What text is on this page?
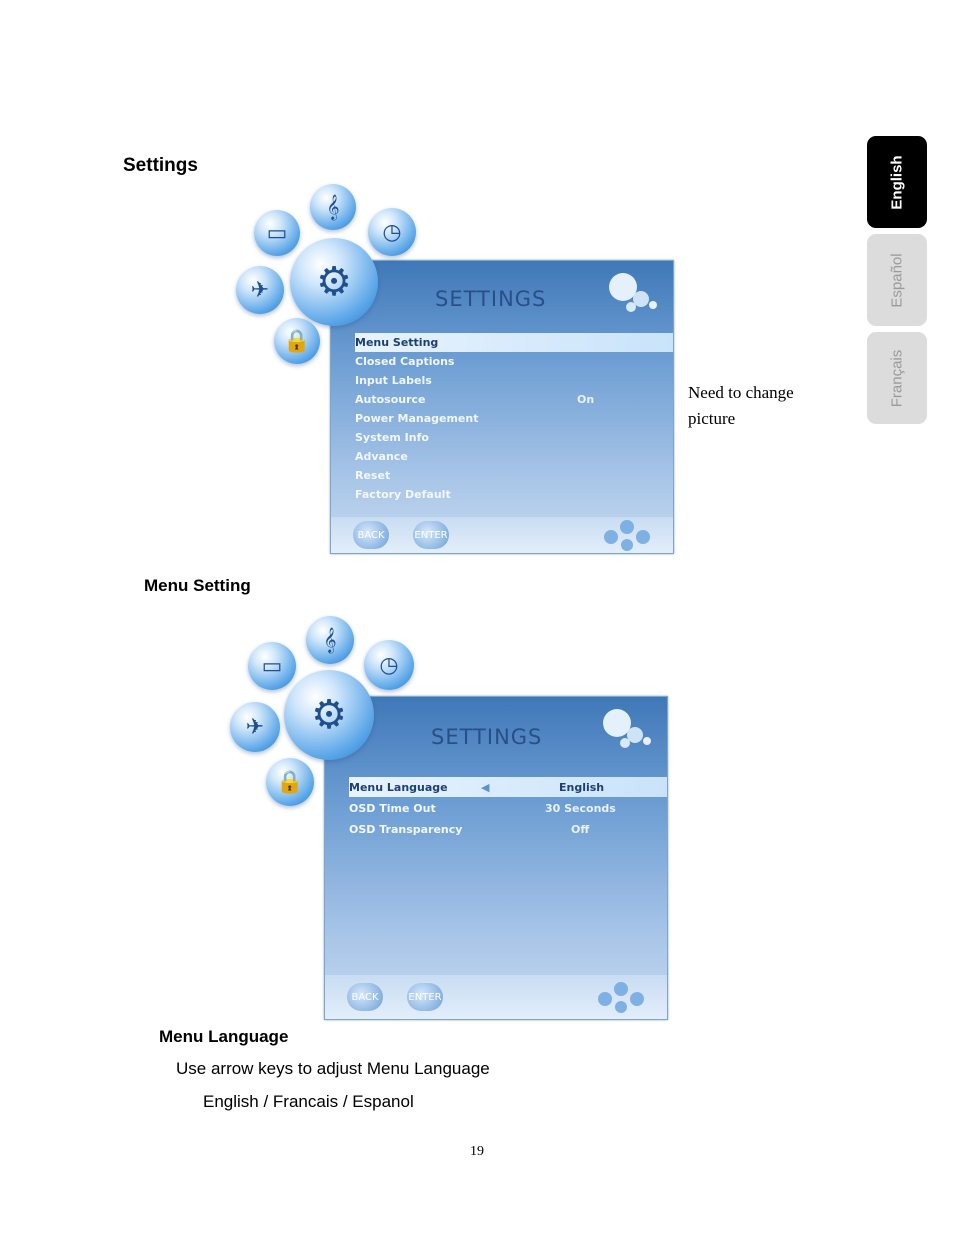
English
Español
Français
Settings
SETTINGS
Menu Setting
Closed Captions
Input Labels
Autosource	On
Power Management
System Info
Advance
Reset
Factory Default
BACK	ENTER
▭
𝄞
◷
⚙
✈
🔒
Need to change
picture
Menu Setting
SETTINGS
Menu Language	◀	English
OSD Time Out	30 Seconds
OSD Transparency	Off
BACK	ENTER
▭
𝄞
◷
⚙
✈
🔒
Menu Language
Use arrow keys to adjust Menu Language
English / Francais / Espanol
19
